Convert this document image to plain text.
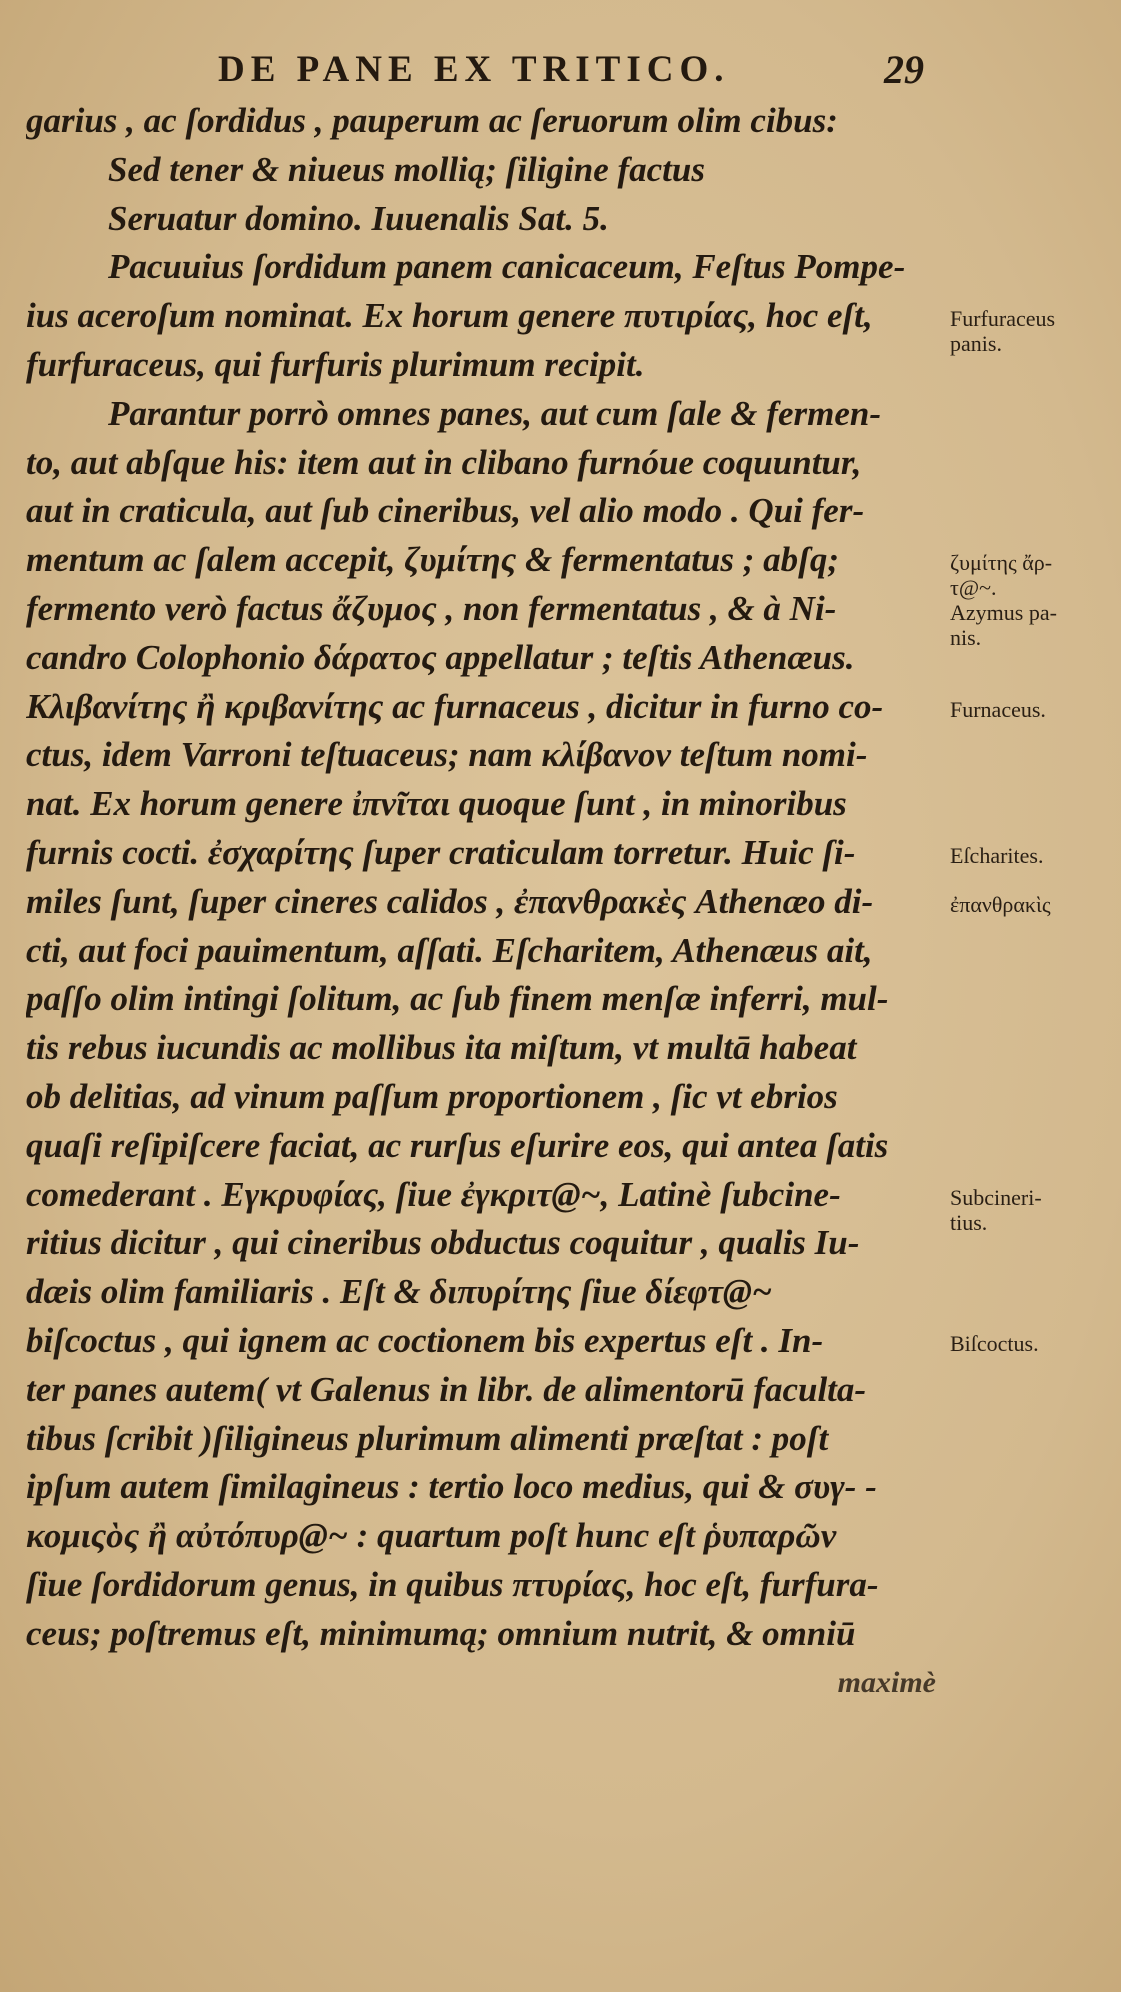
DE PANE EX TRITICO.	29
garius , ac ſordidus , pauperum ac ſeruorum olim cibus:
Sed tener & niueus mollią; ſiligine factus
Seruatur domino. Iuuenalis Sat. 5.
Pacuuius ſordidum panem canicaceum, Feſtus Pompe-
ius aceroſum nominat. Ex horum genere πυτιρίας, hoc eſt,
furfuraceus, qui furfuris plurimum recipit.
Parantur porrò omnes panes, aut cum ſale & fermen-
to, aut abſque his: item aut in clibano furnóue coquuntur,
aut in craticula, aut ſub cineribus, vel alio modo . Qui fer-
mentum ac ſalem accepit, ζυμίτης & fermentatus ; abſq;
fermento verò factus ἄζυμος , non fermentatus , & à Ni-
candro Colophonio δάρατος appellatur ; teſtis Athenæus.
Κλιβανίτης ἢ κριβανίτης ac furnaceus , dicitur in furno co-
ctus, idem Varroni teſtuaceus; nam κλίβανον teſtum nomi-
nat. Ex horum genere ἰπνῖται quoque ſunt , in minoribus
furnis cocti. ἐσχαρίτης ſuper craticulam torretur. Huic ſi-
miles ſunt, ſuper cineres calidos , ἐπανθρακὲς Athenæo di-
cti, aut foci pauimentum, aſſati. Eſcharitem, Athenæus ait,
paſſo olim intingi ſolitum, ac ſub finem menſæ inferri, mul-
tis rebus iucundis ac mollibus ita miſtum, vt multā habeat
ob delitias, ad vinum paſſum proportionem , ſic vt ebrios
quaſi reſipiſcere faciat, ac rurſus eſurire eos, qui antea ſatis
comederant . Εγκρυφίας, ſiue ἐγκριτ@~, Latinè ſubcine-
ritius dicitur , qui cineribus obductus coquitur , qualis Iu-
dæis olim familiaris . Eſt & διπυρίτης ſiue δίεφτ@~
biſcoctus , qui ignem ac coctionem bis expertus eſt . In-
ter panes autem( vt Galenus in libr. de alimentorū faculta-
tibus ſcribit )ſiligineus plurimum alimenti præſtat : poſt
ipſum autem ſimilagineus : tertio loco medius, qui & συγ- -
κομιςὸς ἢ αὐτόπυρ@~ : quartum poſt hunc eſt ῥυπαρῶν
ſiue ſordidorum genus, in quibus πτυρίας, hoc eſt, furfura-
ceus; poſtremus eſt, minimumą; omnium nutrit, & omniū
maximè
Furfuraceus
panis.
ζυμίτης ἄρ-
τ@~.
Azymus pa-
nis.
Furnaceus.
Eſcharites.
ἐπανθρακὶς
Subcineri-
tius.
Biſcoctus.
